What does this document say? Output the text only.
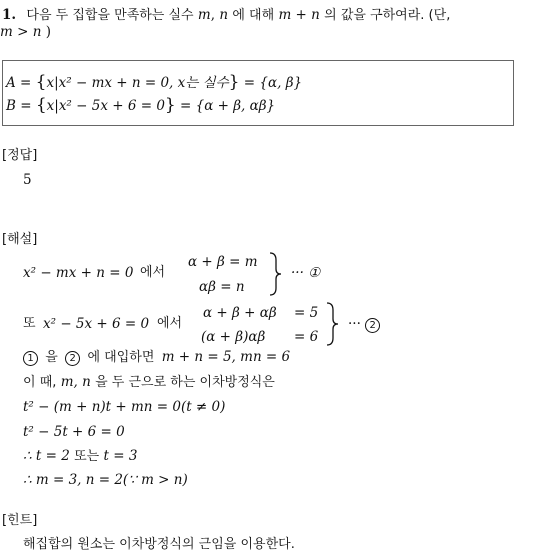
1. 다음 두 집합을 만족하는 실수 m, n 에 대해 m + n 의 값을 구하여라. (단,
m > n )
A = {x|x² − mx + n = 0, x는 실수} = {α, β}
B = {x|x² − 5x + 6 = 0} = {α + β, αβ}
[정답]
5
[해설]
x² − mx + n = 0 에서
α + β = m
αβ = n
··· ①
또 x² − 5x + 6 = 0 에서
α + β + αβ = 5
(α + β)αβ = 6
··· 2
1 을 2 에 대입하면 m + n = 5, mn = 6
이 때, m, n 을 두 근으로 하는 이차방정식은
t² − (m + n)t + mn = 0(t ≠ 0)
t² − 5t + 6 = 0
∴ t = 2 또는 t = 3
∴ m = 3, n = 2(∵ m > n)
[힌트]
해집합의 원소는 이차방정식의 근임을 이용한다.
